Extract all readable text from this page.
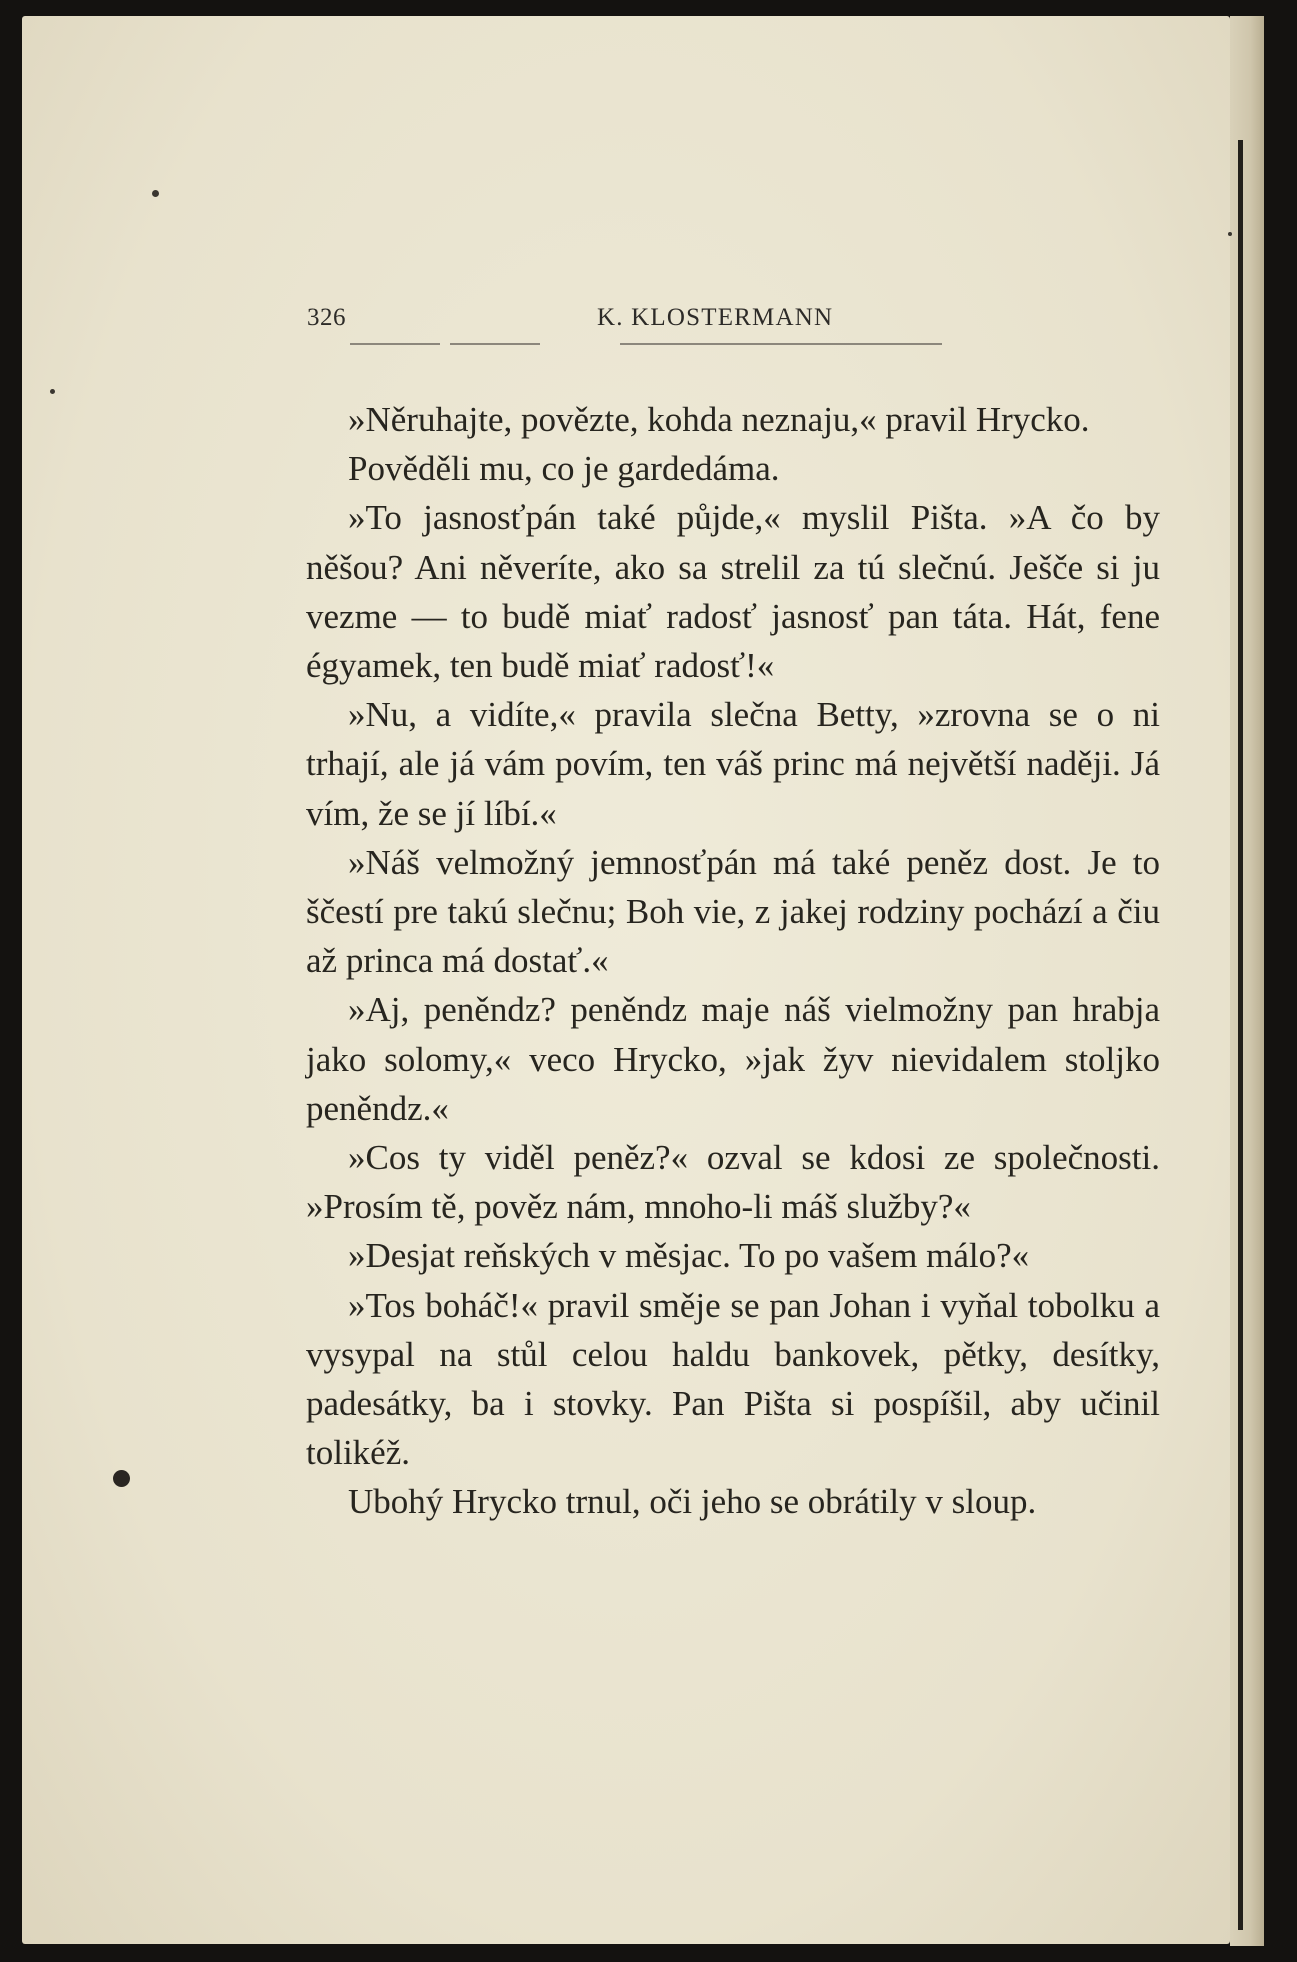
326	K. KLOSTERMANN

»Něruhajte, povězte, kohda neznaju,« pravil Hrycko.

Pověděli mu, co je gardedáma.

»To jasnosťpán také půjde,« myslil Pišta. »A čo by něšou? Ani něveríte, ako sa strelil za tú slečnú. Ješče si ju vezme — to budě miať radosť jasnosť pan táta. Hát, fene égyamek, ten budě miať radosť!«

»Nu, a vidíte,« pravila slečna Betty, »zrovna se o ni trhají, ale já vám povím, ten váš princ má největší naději. Já vím, že se jí líbí.«

»Náš velmožný jemnosťpán má také peněz dost. Je to ščestí pre takú slečnu; Boh vie, z jakej rodziny pochází a čiu až princa má dostať.«

»Aj, peněndz? peněndz maje náš vielmožny pan hrabja jako solomy,« veco Hrycko, »jak žyv nievidalem stoljko peněndz.«

»Cos ty viděl peněz?« ozval se kdosi ze společnosti. »Prosím tě, pověz nám, mnoho-li máš služby?«

»Desjat reňských v měsjac. To po vašem málo?«

»Tos boháč!« pravil směje se pan Johan i vyňal tobolku a vysypal na stůl celou haldu bankovek, pětky, desítky, padesátky, ba i stovky. Pan Pišta si pospíšil, aby učinil tolikéž.

Ubohý Hrycko trnul, oči jeho se obrátily v sloup.
